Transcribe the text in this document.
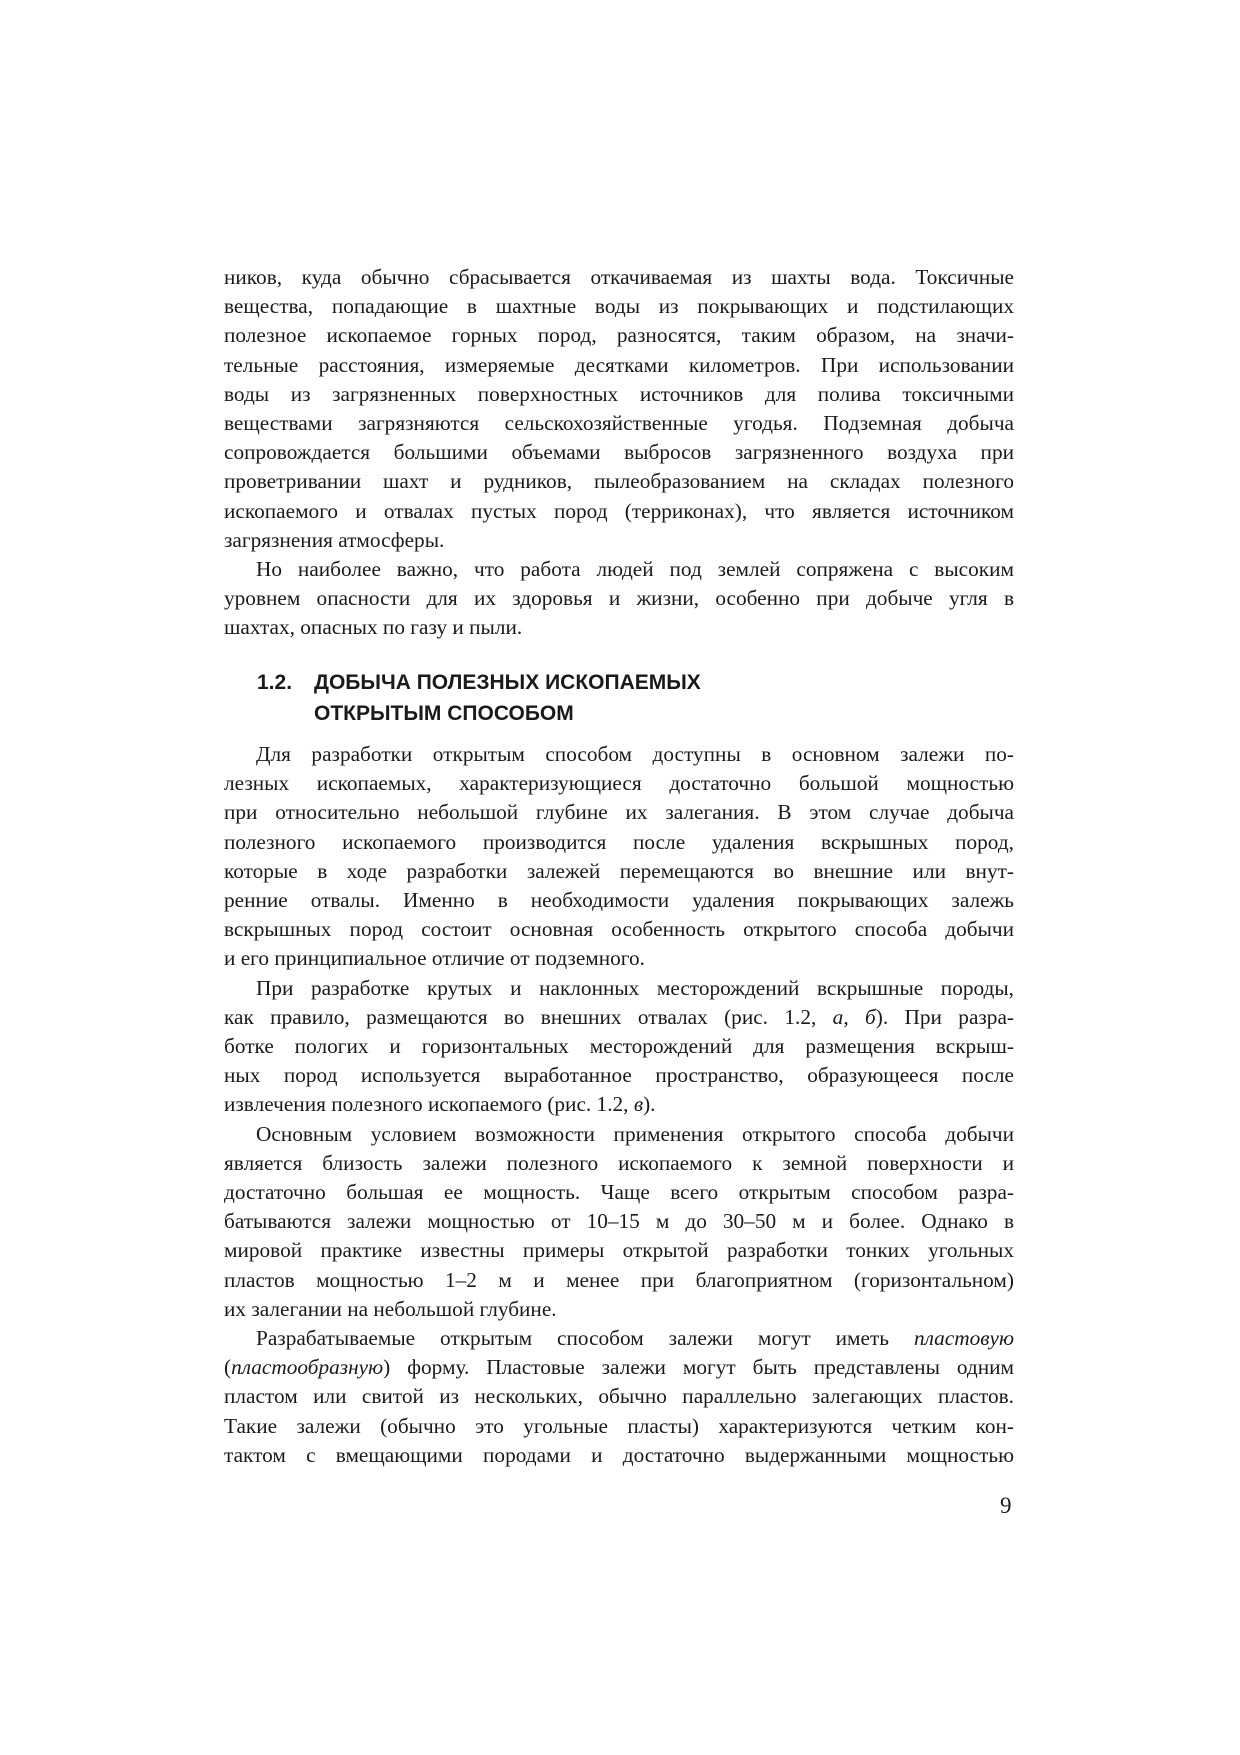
ников, куда обычно сбрасывается откачиваемая из шахты вода. Токсичные
вещества, попадающие в шахтные воды из покрывающих и подстилающих
полезное ископаемое горных пород, разносятся, таким образом, на значи-
тельные расстояния, измеряемые десятками километров. При использовании
воды из загрязненных поверхностных источников для полива токсичными
веществами загрязняются сельскохозяйственные угодья. Подземная добыча
сопровождается большими объемами выбросов загрязненного воздуха при
проветривании шахт и рудников, пылеобразованием на складах полезного
ископаемого и отвалах пустых пород (терриконах), что является источником
загрязнения атмосферы.

Но наиболее важно, что работа людей под землей сопряжена с высоким
уровнем опасности для их здоровья и жизни, особенно при добыче угля в
шахтах, опасных по газу и пыли.

1.2. ДОБЫЧА ПОЛЕЗНЫХ ИСКОПАЕМЫХ
ОТКРЫТЫМ СПОСОБОМ

Для разработки открытым способом доступны в основном залежи по-
лезных ископаемых, характеризующиеся достаточно большой мощностью
при относительно небольшой глубине их залегания. В этом случае добыча
полезного ископаемого производится после удаления вскрышных пород,
которые в ходе разработки залежей перемещаются во внешние или внут-
ренние отвалы. Именно в необходимости удаления покрывающих залежь
вскрышных пород состоит основная особенность открытого способа добычи
и его принципиальное отличие от подземного.

При разработке крутых и наклонных месторождений вскрышные породы,
как правило, размещаются во внешних отвалах (рис. 1.2, а, б). При разра-
ботке пологих и горизонтальных месторождений для размещения вскрыш-
ных пород используется выработанное пространство, образующееся после
извлечения полезного ископаемого (рис. 1.2, в).

Основным условием возможности применения открытого способа добычи
является близость залежи полезного ископаемого к земной поверхности и
достаточно большая ее мощность. Чаще всего открытым способом разра-
батываются залежи мощностью от 10–15 м до 30–50 м и более. Однако в
мировой практике известны примеры открытой разработки тонких угольных
пластов мощностью 1–2 м и менее при благоприятном (горизонтальном)
их залегании на небольшой глубине.

Разрабатываемые открытым способом залежи могут иметь пластовую
(пластообразную) форму. Пластовые залежи могут быть представлены одним
пластом или свитой из нескольких, обычно параллельно залегающих пластов.
Такие залежи (обычно это угольные пласты) характеризуются четким кон-
тактом с вмещающими породами и достаточно выдержанными мощностью

9
